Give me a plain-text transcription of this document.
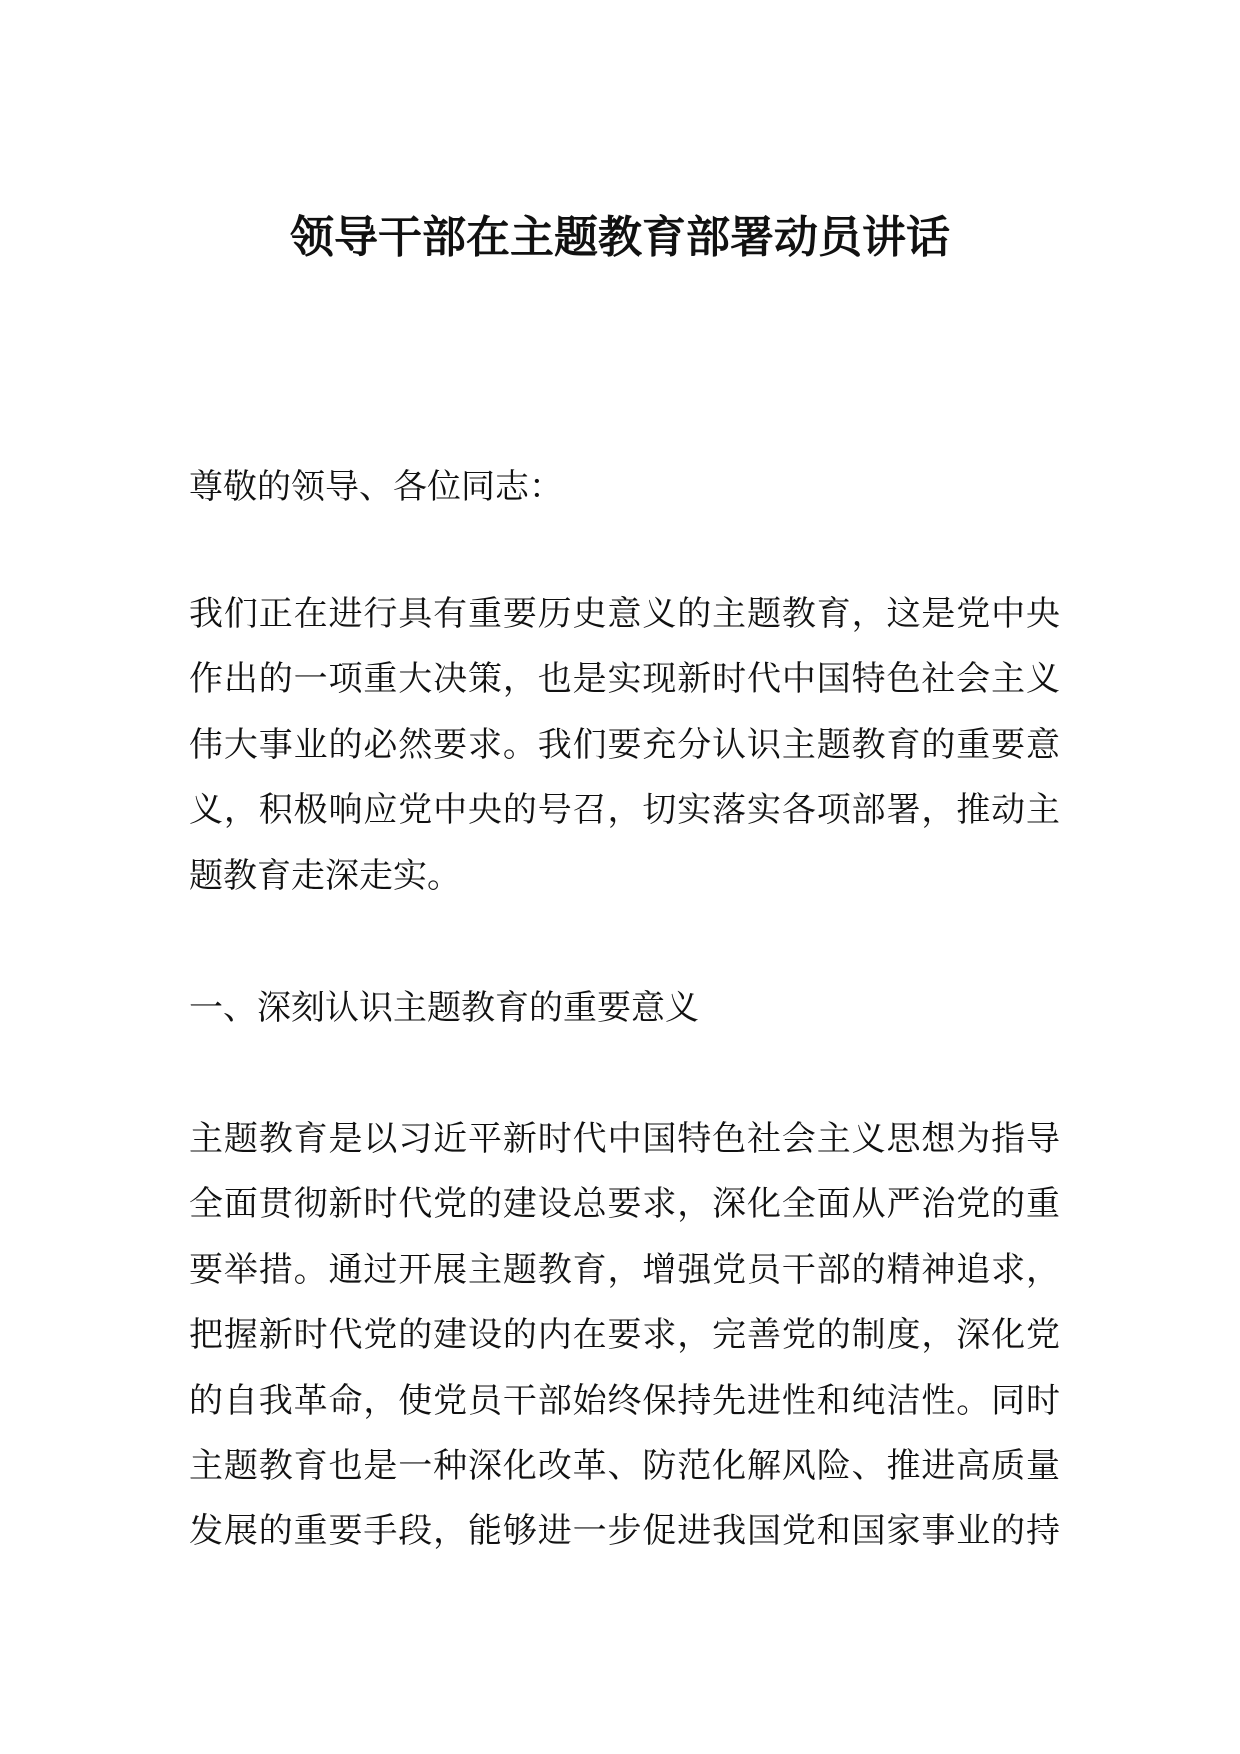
领导干部在主题教育部署动员讲话
尊敬的领导、各位同志：
我们正在进行具有重要历史意义的主题教育，这是党中央
作出的一项重大决策，也是实现新时代中国特色社会主义
伟大事业的必然要求。我们要充分认识主题教育的重要意
义，积极响应党中央的号召，切实落实各项部署，推动主
题教育走深走实。
一、深刻认识主题教育的重要意义
主题教育是以习近平新时代中国特色社会主义思想为指导
全面贯彻新时代党的建设总要求，深化全面从严治党的重
要举措。通过开展主题教育，增强党员干部的精神追求，
把握新时代党的建设的内在要求，完善党的制度，深化党
的自我革命，使党员干部始终保持先进性和纯洁性。同时
主题教育也是一种深化改革、防范化解风险、推进高质量
发展的重要手段，能够进一步促进我国党和国家事业的持
